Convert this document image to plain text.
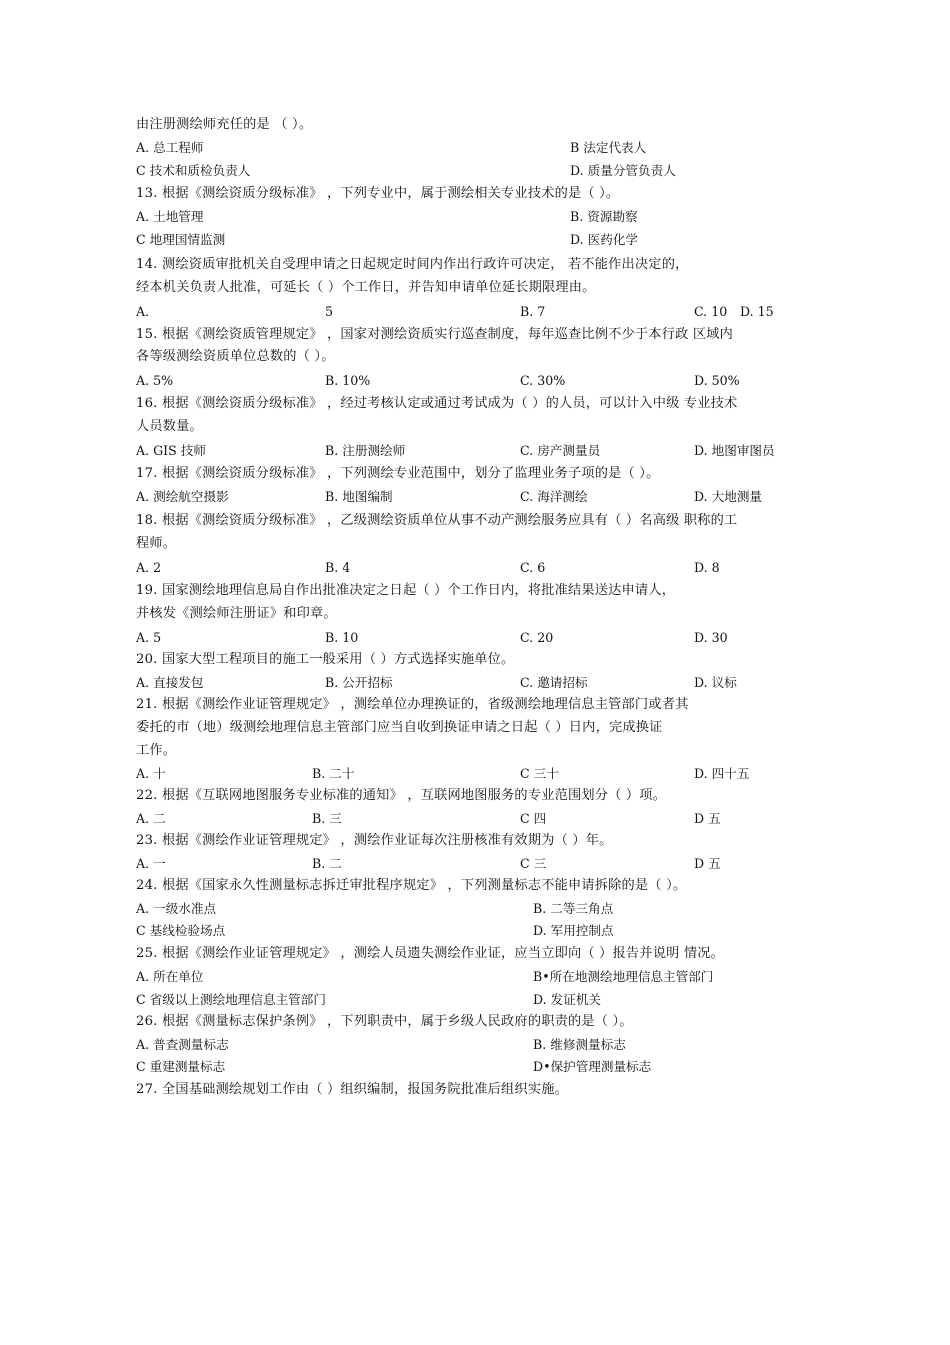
由注册测绘师充任的是 （ ）。
A. 总工程师	B 法定代表人
C 技术和质检负责人	D. 质量分管负责人
13. 根据《测绘资质分级标准》 ，下列专业中，属于测绘相关专业技术的是（ ）。
A. 土地管理	B. 资源勘察
C 地理国情监测	D. 医药化学
14. 测绘资质审批机关自受理申请之日起规定时间内作出行政许可决定， 若不能作出决定的，
经本机关负责人批准，可延长（ ）个工作日，并告知申请单位延长期限理由。
A.	5	B. 7	C. 10 D. 15
15. 根据《测绘资质管理规定》 ，国家对测绘资质实行巡查制度，每年巡查比例不少于本行政 区域内
各等级测绘资质单位总数的（ ）。
A. 5%	B. 10%	C. 30%	D. 50%
16. 根据《测绘资质分级标准》 ，经过考核认定或通过考试成为（ ）的人员，可以计入中级 专业技术
人员数量。
A. GIS 技师	B. 注册测绘师	C. 房产测量员	D. 地图审图员
17. 根据《测绘资质分级标准》 ，下列测绘专业范围中，划分了监理业务子项的是（ ）。
A. 测绘航空摄影	B. 地图编制	C. 海洋测绘	D. 大地测量
18. 根据《测绘资质分级标准》 ，乙级测绘资质单位从事不动产测绘服务应具有（ ）名高级 职称的工
程师。
A. 2	B. 4	C. 6	D. 8
19. 国家测绘地理信息局自作出批准决定之日起（ ）个工作日内，将批准结果送达申请人，
并核发《测绘师注册证》和印章。
A. 5	B. 10	C. 20	D. 30
20. 国家大型工程项目的施工一般采用（ ）方式选择实施单位。
A. 直接发包	B. 公开招标	C. 邀请招标	D. 议标
21. 根据《测绘作业证管理规定》 ，测绘单位办理换证的，省级测绘地理信息主管部门或者其
委托的市（地）级测绘地理信息主管部门应当自收到换证申请之日起（ ）日内，完成换证
工作。
A. 十	B. 二十	C 三十	D. 四十五
22. 根据《互联网地图服务专业标准的通知》 ，互联网地图服务的专业范围划分（ ）项。
A. 二	B. 三	C 四	D 五
23. 根据《测绘作业证管理规定》 ，测绘作业证每次注册核准有效期为（ ）年。
A. 一	B. 二	C 三	D 五
24. 根据《国家永久性测量标志拆迁审批程序规定》 ，下列测量标志不能申请拆除的是（ ）。
A. 一级水准点	B. 二等三角点
C 基线检验场点	D. 军用控制点
25. 根据《测绘作业证管理规定》 ，测绘人员遗失测绘作业证，应当立即向（ ）报告并说明 情况。
A. 所在单位	B•所在地测绘地理信息主管部门
C 省级以上测绘地理信息主管部门	D. 发证机关
26. 根据《测量标志保护条例》 ，下列职责中，属于乡级人民政府的职责的是（ ）。
A. 普查测量标志	B. 维修测量标志
C 重建测量标志	D•保护管理测量标志
27. 全国基础测绘规划工作由（ ）组织编制，报国务院批准后组织实施。
